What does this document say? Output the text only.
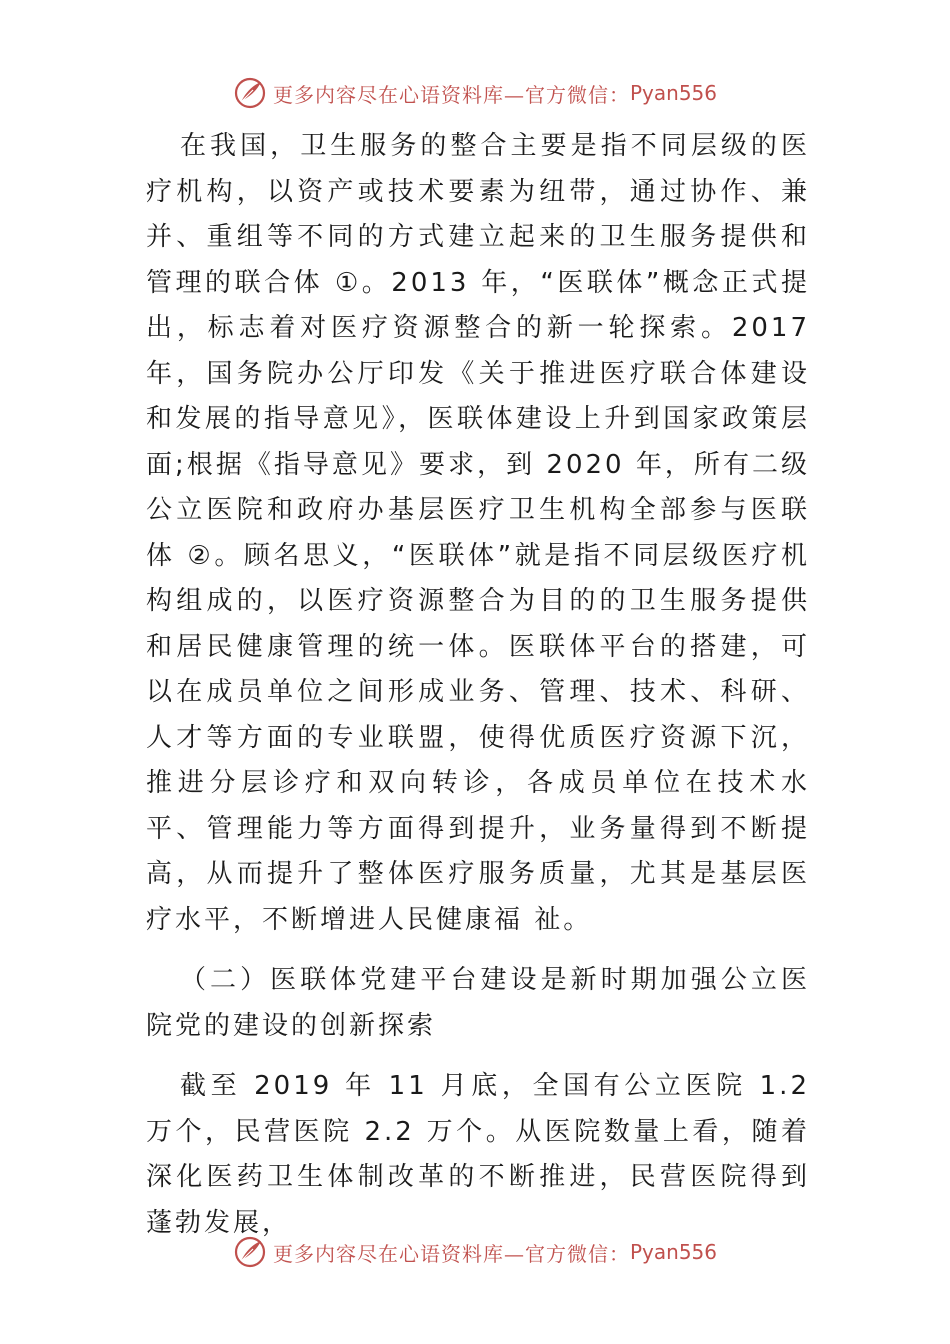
更多内容尽在心语资料库—官方微信： Pyan556

在我国，卫生服务的整合主要是指不同层级的医疗机构，以资产或技术要素为纽带，通过协作、兼并、重组等不同的方式建立起来的卫生服务提供和管理的联合体 ①。2013 年，“医联体”概念正式提出，标志着对医疗资源整合的新一轮探索。2017 年，国务院办公厅印发《关于推进医疗联合体建设和发展的指导意见》，医联体建设上升到国家政策层面;根据《指导意见》要求，到 2020 年，所有二级公立医院和政府办基层医疗卫生机构全部参与医联体 ②。顾名思义，“医联体”就是指不同层级医疗机构组成的，以医疗资源整合为目的的卫生服务提供和居民健康管理的统一体。医联体平台的搭建，可以在成员单位之间形成业务、管理、技术、科研、人才等方面的专业联盟，使得优质医疗资源下沉，推进分层诊疗和双向转诊，各成员单位在技术水平、管理能力等方面得到提升，业务量得到不断提高，从而提升了整体医疗服务质量，尤其是基层医疗水平，不断增进人民健康福 祉。

（二）医联体党建平台建设是新时期加强公立医院党的建设的创新探索

截至 2019 年 11 月底，全国有公立医院 1.2 万个，民营医院 2.2 万个。从医院数量上看，随着深化医药卫生体制改革的不断推进，民营医院得到蓬勃发展，

更多内容尽在心语资料库—官方微信： Pyan556
